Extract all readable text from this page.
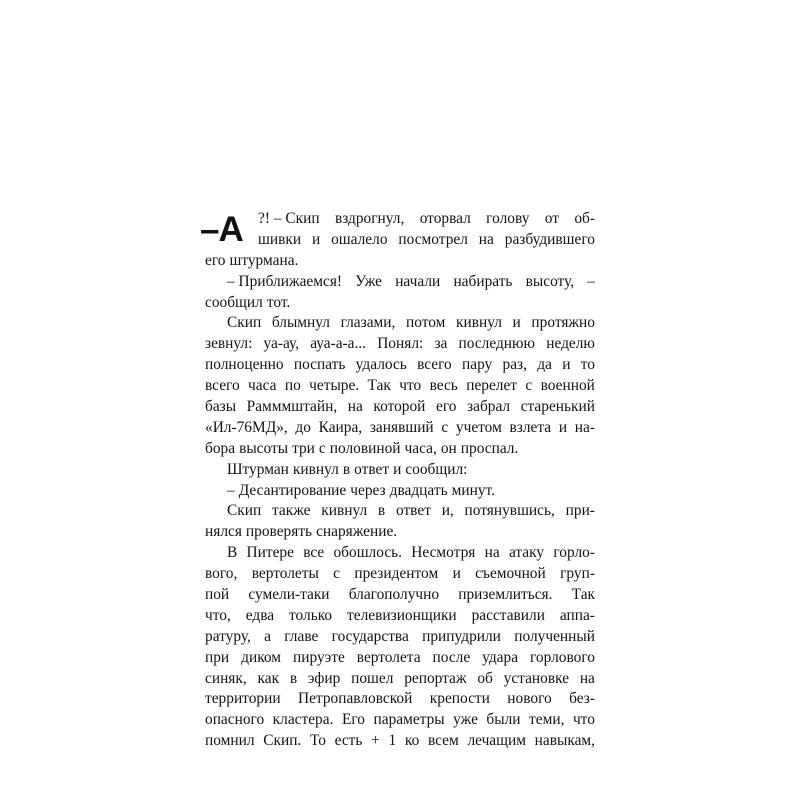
–А ?! – Скип вздрогнул, оторвал голову от об-
шивки и ошалело посмотрел на разбудившего
его штурмана.
– Приближаемся! Уже начали набирать высоту, –
сообщил тот.
Скип блымнул глазами, потом кивнул и протяжно
зевнул: уа-ау, ауа-а-а... Понял: за последнюю неделю
полноценно поспать удалось всего пару раз, да и то
всего часа по четыре. Так что весь перелет с военной
базы Рамммштайн, на которой его забрал старенький
«Ил-76МД», до Каира, занявший с учетом взлета и на-
бора высоты три с половиной часа, он проспал.
Штурман кивнул в ответ и сообщил:
– Десантирование через двадцать минут.
Скип также кивнул в ответ и, потянувшись, при-
нялся проверять снаряжение.
В Питере все обошлось. Несмотря на атаку горло-
вого, вертолеты с президентом и съемочной груп-
пой сумели-таки благополучно приземлиться. Так
что, едва только телевизионщики расставили аппа-
ратуру, а главе государства припудрили полученный
при диком пируэте вертолета после удара горлового
синяк, как в эфир пошел репортаж об установке на
территории Петропавловской крепости нового без-
опасного кластера. Его параметры уже были теми, что
помнил Скип. То есть + 1 ко всем лечащим навыкам,
